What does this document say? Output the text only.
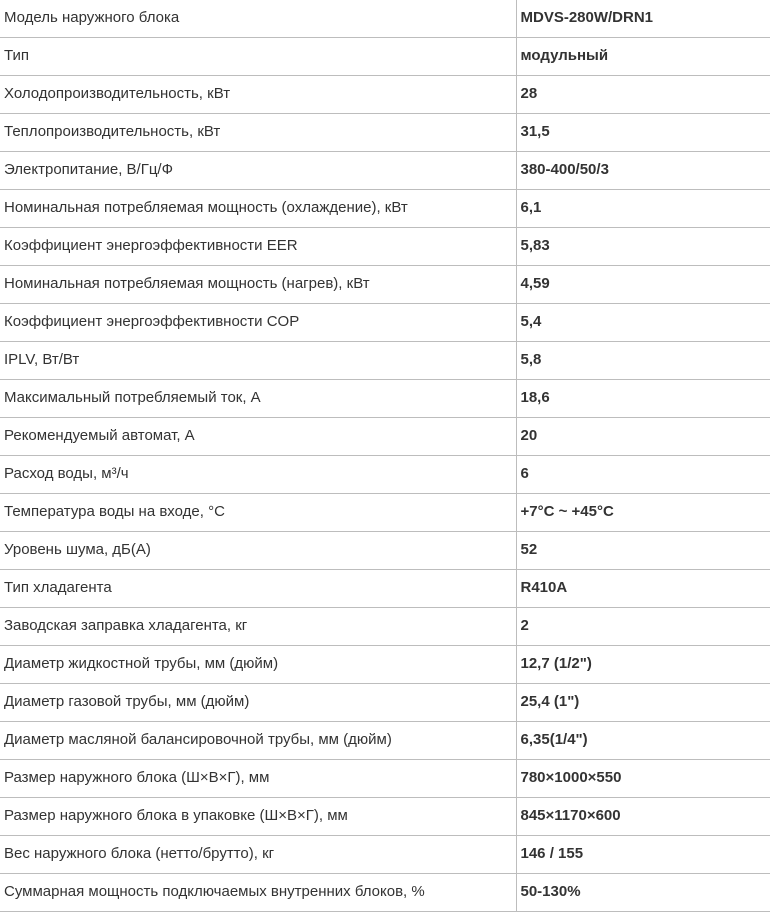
Модель наружного блока	MDVS-280W/DRN1
Тип	модульный
Холодопроизводительность, кВт	28
Теплопроизводительность, кВт	31,5
Электропитание, В/Гц/Ф	380-400/50/3
Номинальная потребляемая мощность (охлаждение), кВт	6,1
Коэффициент энергоэффективности EER	5,83
Номинальная потребляемая мощность (нагрев), кВт	4,59
Коэффициент энергоэффективности COP	5,4
IPLV, Вт/Вт	5,8
Максимальный потребляемый ток, А	18,6
Рекомендуемый автомат, А	20
Расход воды, м³/ч	6
Температура воды на входе, °C	+7°C ~ +45°C
Уровень шума, дБ(А)	52
Тип хладагента	R410A
Заводская заправка хладагента, кг	2
Диаметр жидкостной трубы, мм (дюйм)	12,7 (1/2")
Диаметр газовой трубы, мм (дюйм)	25,4 (1")
Диаметр масляной балансировочной трубы, мм (дюйм)	6,35(1/4")
Размер наружного блока (Ш×В×Г), мм	780×1000×550
Размер наружного блока в упаковке (Ш×В×Г), мм	845×1170×600
Вес наружного блока (нетто/брутто), кг	146 / 155
Суммарная мощность подключаемых внутренних блоков, %	50-130%
